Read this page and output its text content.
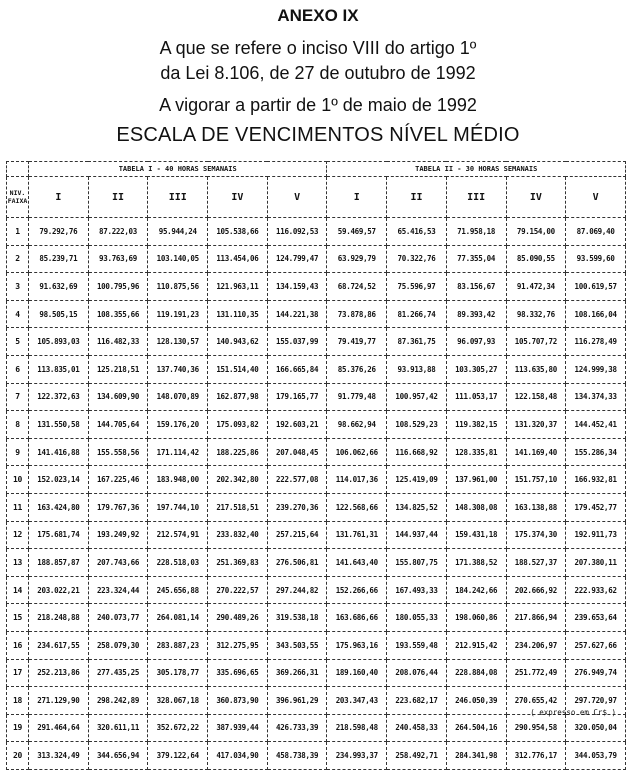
ANEXO IX
A que se refere o inciso VIII do artigo 1º
da Lei 8.106, de 27 de outubro de 1992
A vigorar a partir de 1º de maio de 1992
ESCALA DE VENCIMENTOS NÍVEL MÉDIO
	TABELA I - 40 HORAS SEMANAIS					TABELA II - 30 HORAS SEMANAIS				

NIV.
FAIXA	I	II	III	IV	V	I	II	III	IV	V
1	79.292,76	87.222,03	95.944,24	105.538,66	116.092,53	59.469,57	65.416,53	71.958,18	79.154,00	87.069,40
2	85.239,71	93.763,69	103.140,05	113.454,06	124.799,47	63.929,79	70.322,76	77.355,04	85.090,55	93.599,60
3	91.632,69	100.795,96	110.875,56	121.963,11	134.159,43	68.724,52	75.596,97	83.156,67	91.472,34	100.619,57
4	98.505,15	108.355,66	119.191,23	131.110,35	144.221,38	73.878,86	81.266,74	89.393,42	98.332,76	108.166,04
5	105.893,03	116.482,33	128.130,57	140.943,62	155.037,99	79.419,77	87.361,75	96.097,93	105.707,72	116.278,49
6	113.835,01	125.218,51	137.740,36	151.514,40	166.665,84	85.376,26	93.913,88	103.305,27	113.635,80	124.999,38
7	122.372,63	134.609,90	148.070,89	162.877,98	179.165,77	91.779,48	100.957,42	111.053,17	122.158,48	134.374,33
8	131.550,58	144.705,64	159.176,20	175.093,82	192.603,21	98.662,94	108.529,23	119.382,15	131.320,37	144.452,41
9	141.416,88	155.558,56	171.114,42	188.225,86	207.048,45	106.062,66	116.668,92	128.335,81	141.169,40	155.286,34
10	152.023,14	167.225,46	183.948,00	202.342,80	222.577,08	114.017,36	125.419,09	137.961,00	151.757,10	166.932,81
11	163.424,80	179.767,36	197.744,10	217.518,51	239.270,36	122.568,66	134.825,52	148.308,08	163.138,88	179.452,77
12	175.681,74	193.249,92	212.574,91	233.832,40	257.215,64	131.761,31	144.937,44	159.431,18	175.374,30	192.911,73
13	188.857,87	207.743,66	228.518,03	251.369,83	276.506,81	141.643,40	155.807,75	171.388,52	188.527,37	207.380,11
14	203.022,21	223.324,44	245.656,88	270.222,57	297.244,82	152.266,66	167.493,33	184.242,66	202.666,92	222.933,62
15	218.248,88	240.073,77	264.081,14	290.489,26	319.538,18	163.686,66	180.055,33	198.060,86	217.866,94	239.653,64
16	234.617,55	258.079,30	283.887,23	312.275,95	343.503,55	175.963,16	193.559,48	212.915,42	234.206,97	257.627,66
17	252.213,86	277.435,25	305.178,77	335.696,65	369.266,31	189.160,40	208.076,44	228.884,08	251.772,49	276.949,74
18	271.129,90	298.242,89	328.067,18	360.873,90	396.961,29	203.347,43	223.682,17	246.050,39	270.655,42	297.720,97
19	291.464,64	320.611,11	352.672,22	387.939,44	426.733,39	218.598,48	240.458,33	264.504,16	290.954,58	320.050,04
20	313.324,49	344.656,94	379.122,64	417.034,90	458.738,39	234.993,37	258.492,71	284.341,98	312.776,17	344.053,79
( expresso em Cr$ )
